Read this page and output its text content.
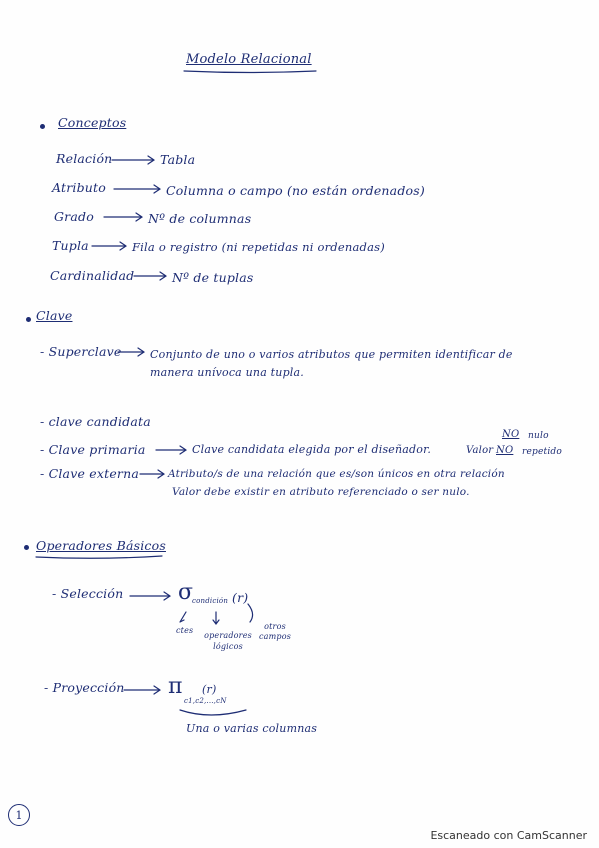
Modelo Relacional
Conceptos
Relación	Tabla
Atributo	Columna o campo (no están ordenados)
Grado	Nº de columnas
Tupla	Fila o registro (ni repetidas ni ordenadas)
Cardinalidad	Nº de tuplas
Clave
- Superclave	Conjunto de uno o varios atributos que permiten identificar de
manera unívoca una tupla.
- clave candidata
- Clave primaria	Clave candidata elegida por el diseñador.	Valor
NO nulo
NO repetido
- Clave externa	Atributo/s de una relación que es/son únicos en otra relación
Valor debe existir en atributo referenciado o ser nulo.
Operadores Básicos
- Selección σ
condición (r)
ctes
operadores lógicos
otros campos
- Proyección π
c1,c2,...,cN
(r)
Una o varias columnas
1
Escaneado con CamScanner
